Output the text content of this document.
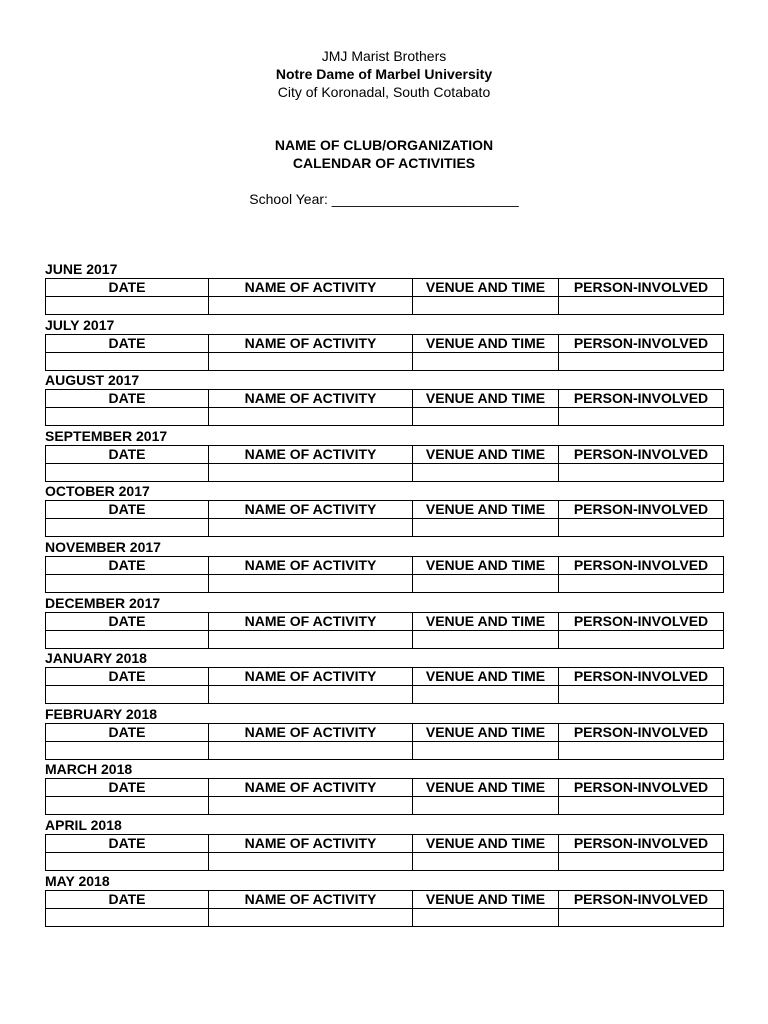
JMJ Marist Brothers
Notre Dame of Marbel University
City of Koronadal, South Cotabato
NAME OF CLUB/ORGANIZATION
CALENDAR OF ACTIVITIES
School Year: ________________________
JUNE 2017
DATE	NAME OF ACTIVITY	VENUE AND TIME	PERSON-INVOLVED

JULY 2017
DATE	NAME OF ACTIVITY	VENUE AND TIME	PERSON-INVOLVED

AUGUST 2017
DATE	NAME OF ACTIVITY	VENUE AND TIME	PERSON-INVOLVED

SEPTEMBER 2017
DATE	NAME OF ACTIVITY	VENUE AND TIME	PERSON-INVOLVED

OCTOBER 2017
DATE	NAME OF ACTIVITY	VENUE AND TIME	PERSON-INVOLVED

NOVEMBER 2017
DATE	NAME OF ACTIVITY	VENUE AND TIME	PERSON-INVOLVED

DECEMBER 2017
DATE	NAME OF ACTIVITY	VENUE AND TIME	PERSON-INVOLVED

JANUARY 2018
DATE	NAME OF ACTIVITY	VENUE AND TIME	PERSON-INVOLVED

FEBRUARY 2018
DATE	NAME OF ACTIVITY	VENUE AND TIME	PERSON-INVOLVED

MARCH 2018
DATE	NAME OF ACTIVITY	VENUE AND TIME	PERSON-INVOLVED

APRIL 2018
DATE	NAME OF ACTIVITY	VENUE AND TIME	PERSON-INVOLVED

MAY 2018
DATE	NAME OF ACTIVITY	VENUE AND TIME	PERSON-INVOLVED
